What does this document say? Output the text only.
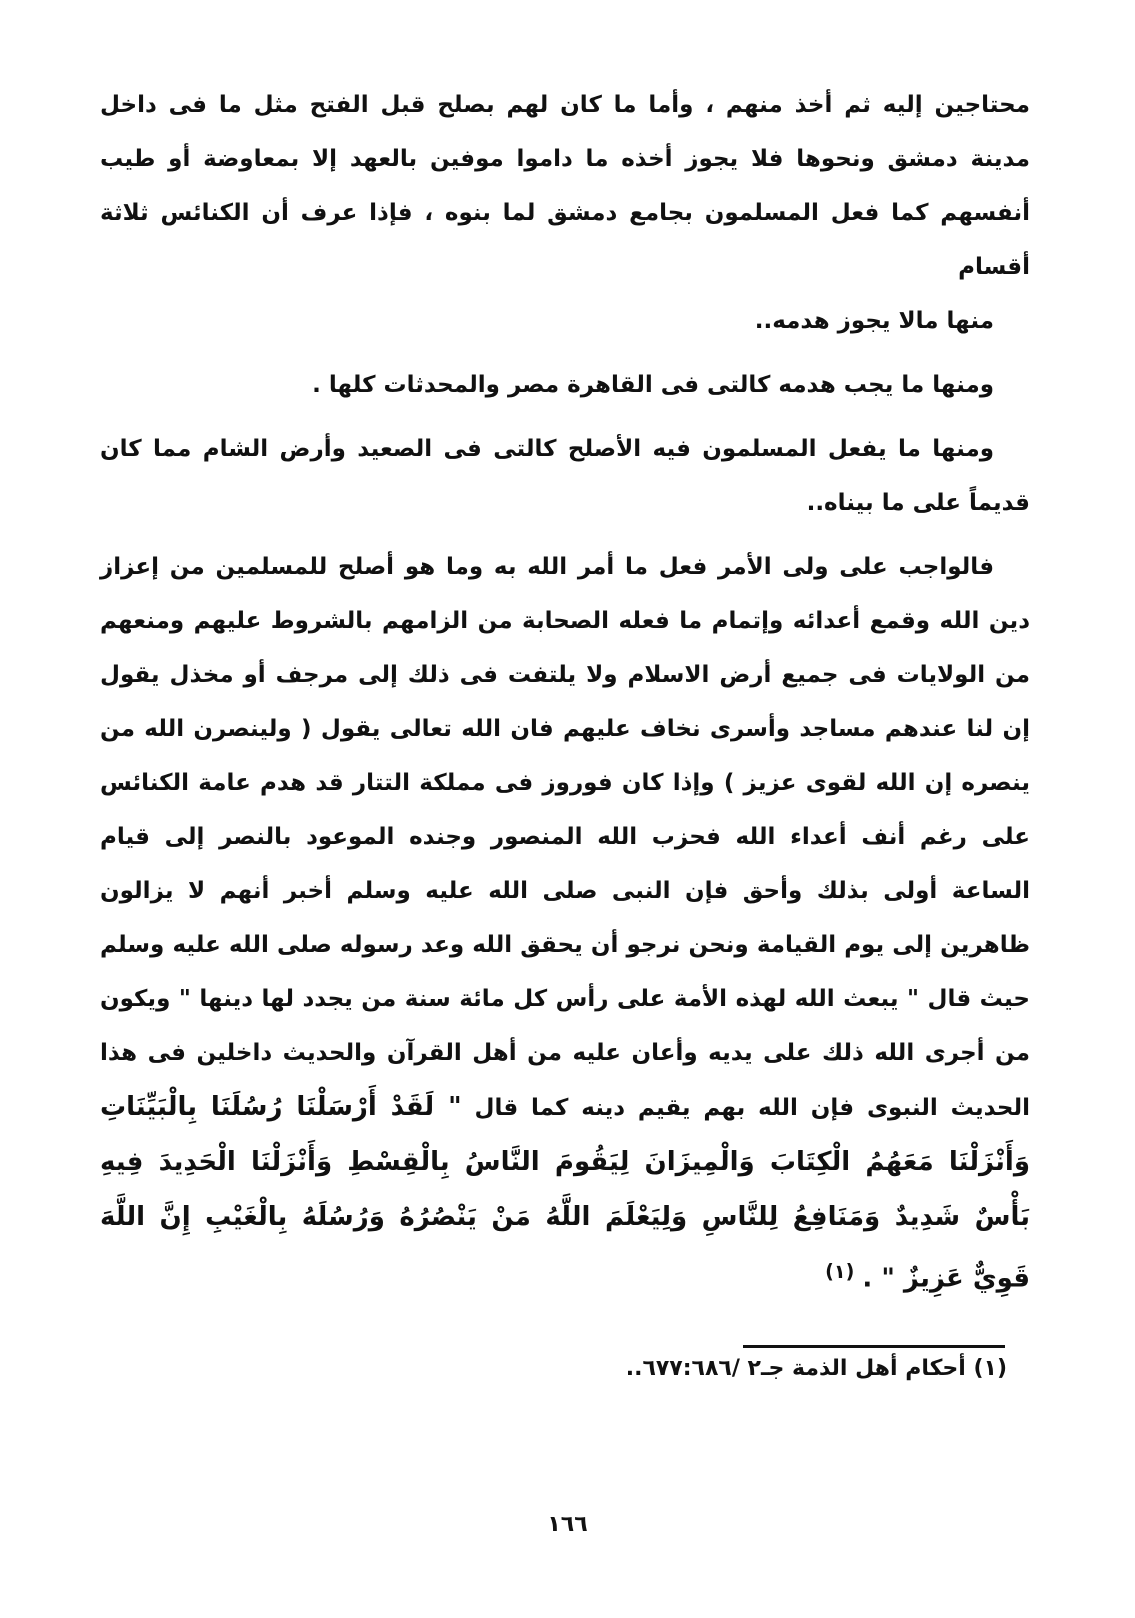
محتاجين إليه ثم أخذ منهم ، وأما ما كان لهم بصلح قبل الفتح مثل ما فى داخل مدينة دمشق ونحوها فلا يجوز أخذه ما داموا موفين بالعهد إلا بمعاوضة أو طيب أنفسهم كما فعل المسلمون بجامع دمشق لما بنوه ، فإذا عرف أن الكنائس ثلاثة أقسام

منها مالا يجوز هدمه..

ومنها ما يجب هدمه كالتى فى القاهرة مصر والمحدثات كلها .

ومنها ما يفعل المسلمون فيه الأصلح كالتى فى الصعيد وأرض الشام مما كان قديماً على ما بيناه..

فالواجب على ولى الأمر فعل ما أمر الله به وما هو أصلح للمسلمين من إعزاز دين الله وقمع أعدائه وإتمام ما فعله الصحابة من الزامهم بالشروط عليهم ومنعهم من الولايات فى جميع أرض الاسلام ولا يلتفت فى ذلك إلى مرجف أو مخذل يقول إن لنا عندهم مساجد وأسرى نخاف عليهم فان الله تعالى يقول ( ولينصرن الله من ينصره إن الله لقوى عزيز ) وإذا كان فوروز فى مملكة التتار قد هدم عامة الكنائس على رغم أنف أعداء الله فحزب الله المنصور وجنده الموعود بالنصر إلى قيام الساعة أولى بذلك وأحق فإن النبى صلى الله عليه وسلم أخبر أنهم لا يزالون ظاهرين إلى يوم القيامة ونحن نرجو أن يحقق الله وعد رسوله صلى الله عليه وسلم حيث قال " يبعث الله لهذه الأمة على رأس كل مائة سنة من يجدد لها دينها " ويكون من أجرى الله ذلك على يديه وأعان عليه من أهل القرآن والحديث داخلين فى هذا الحديث النبوى فإن الله بهم يقيم دينه كما قال " لَقَدْ أَرْسَلْنَا رُسُلَنَا بِالْبَيِّنَاتِ وَأَنْزَلْنَا مَعَهُمُ الْكِتَابَ وَالْمِيزَانَ لِيَقُومَ النَّاسُ بِالْقِسْطِ وَأَنْزَلْنَا الْحَدِيدَ فِيهِ بَأْسٌ شَدِيدٌ وَمَنَافِعُ لِلنَّاسِ وَلِيَعْلَمَ اللَّهُ مَنْ يَنْصُرُهُ وَرُسُلَهُ بِالْغَيْبِ إِنَّ اللَّهَ قَوِيٌّ عَزِيزٌ " . $^{(١)}$

(١) أحكام أهل الذمة جـ٢ /٦٧٧:٦٨٦..
١٦٦
